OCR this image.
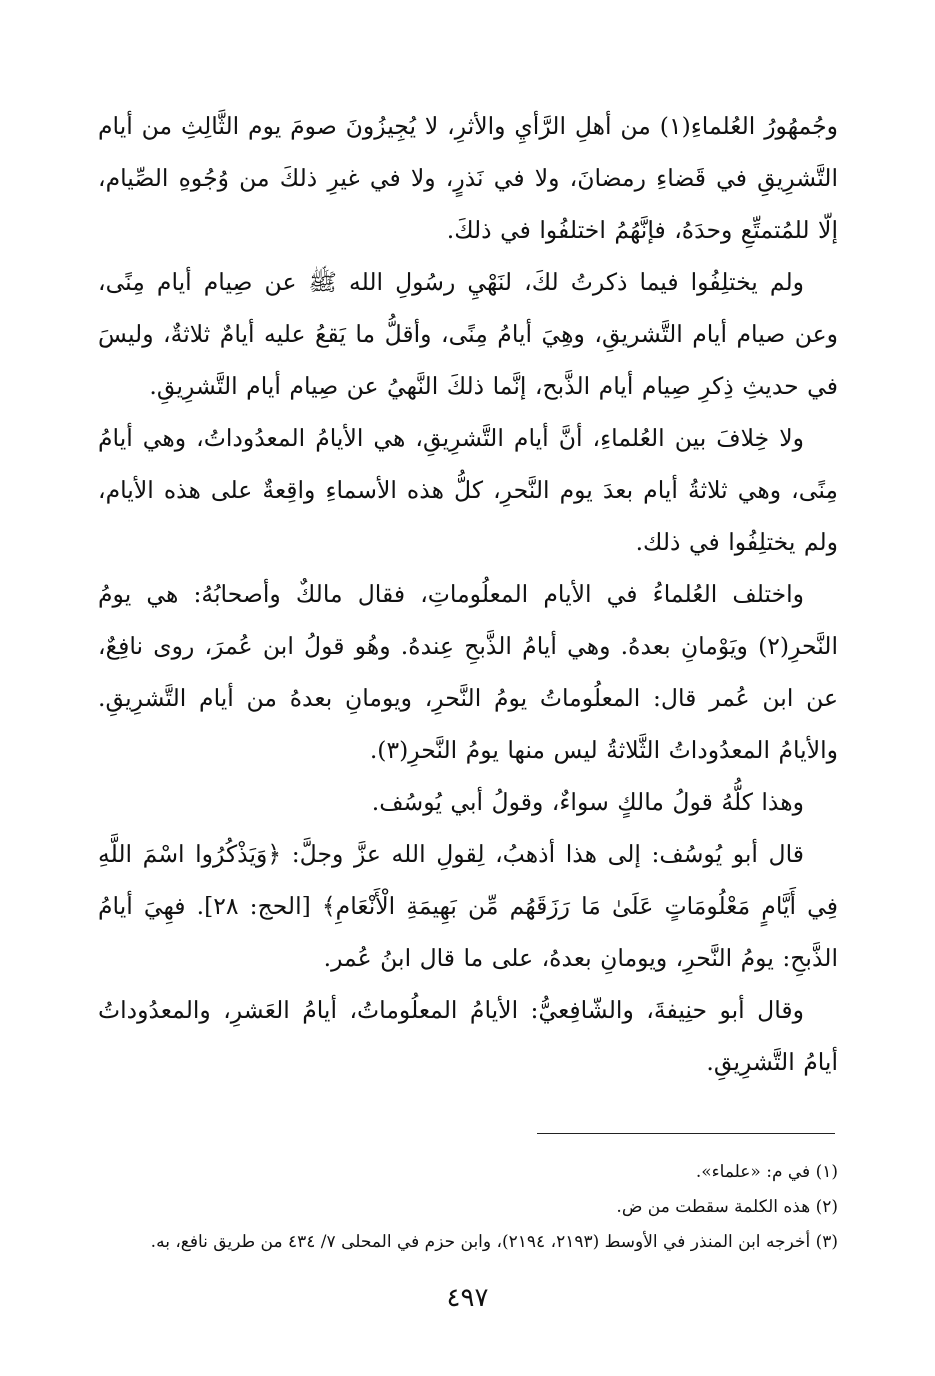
وجُمهُورُ العُلماءِ(١) من أهلِ الرَّأيِ والأثرِ، لا يُجِيزُونَ صومَ يوم الثَّالِثِ من أيام التَّشرِيقِ في قَضاءِ رمضانَ، ولا في نَذرٍ، ولا في غيرِ ذلكَ من وُجُوهِ الصِّيام، إلّا للمُتمتِّعِ وحدَهُ، فإنَّهُمُ اختلفُوا في ذلكَ.

ولم يختلِفُوا فيما ذكرتُ لكَ، لنَهْيِ رسُولِ الله ﷺ عن صِيام أيام مِنًى، وعن صيام أيام التَّشريقِ، وهِيَ أيامُ مِنًى، وأقلُّ ما يَقعُ عليه أيامٌ ثلاثةٌ، وليسَ في حديثِ ذِكرِ صِيام أيام الذَّبح، إنَّما ذلكَ النَّهيُ عن صِيام أيام التَّشرِيقِ.

ولا خِلافَ بين العُلماءِ، أنَّ أيام التَّشرِيقِ، هي الأيامُ المعدُوداتُ، وهي أيامُ مِنًى، وهي ثلاثةُ أيام بعدَ يوم النَّحرِ، كلُّ هذه الأسماءِ واقِعةٌ على هذه الأيام، ولم يختلِفُوا في ذلك.

واختلف العُلماءُ في الأيام المعلُوماتِ، فقال مالكٌ وأصحابُهُ: هي يومُ النَّحرِ(٢) ويَوْمانِ بعدهُ. وهي أيامُ الذَّبحِ عِندهُ. وهُو قولُ ابن عُمرَ، روى نافِعٌ، عن ابن عُمر قال: المعلُوماتُ يومُ النَّحرِ، ويومانِ بعدهُ من أيام التَّشرِيقِ. والأيامُ المعدُوداتُ الثَّلاثةُ ليس منها يومُ النَّحرِ(٣).

وهذا كلُّهُ قولُ مالكٍ سواءٌ، وقولُ أبي يُوسُف.

قال أبو يُوسُف: إلى هذا أذهبُ، لِقولِ الله عزَّ وجلَّ: ﴿وَيَذْكُرُوا اسْمَ اللَّهِ فِي أَيَّامٍ مَعْلُومَاتٍ عَلَىٰ مَا رَزَقَهُم مِّن بَهِيمَةِ الْأَنْعَامِ﴾ [الحج: ٢٨]. فهِيَ أيامُ الذَّبحِ: يومُ النَّحرِ، ويومانِ بعدهُ، على ما قال ابنُ عُمر.

وقال أبو حنِيفةَ، والشّافِعيُّ: الأيامُ المعلُوماتُ، أيامُ العَشرِ، والمعدُوداتُ أيامُ التَّشرِيقِ.

(١) في م: «علماء».

(٢) هذه الكلمة سقطت من ض.

(٣) أخرجه ابن المنذر في الأوسط (٢١٩٣، ٢١٩٤)، وابن حزم في المحلى ٧/ ٤٣٤ من طريق نافع، به.

٤٩٧
